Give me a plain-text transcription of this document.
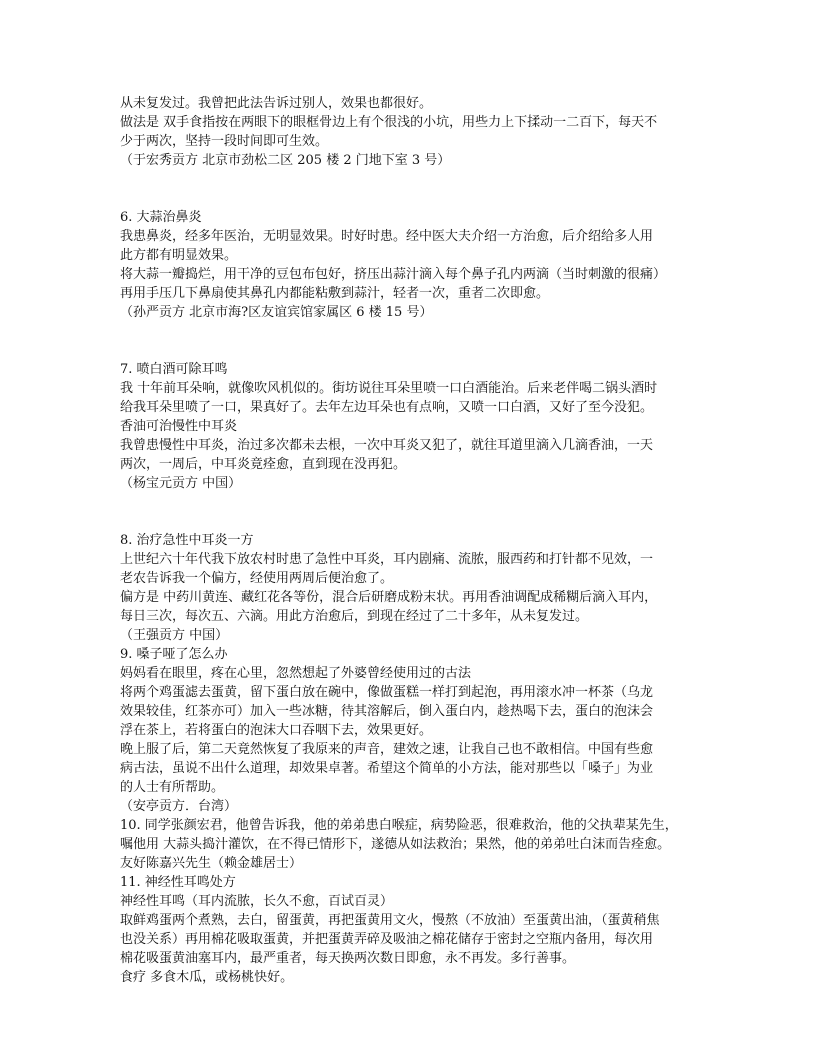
从未复发过。我曾把此法告诉过别人，效果也都很好。
做法是 双手食指按在两眼下的眼框骨边上有个很浅的小坑，用些力上下揉动一二百下，每天不
少于两次，坚持一段时间即可生效。
（于宏秀贡方 北京市劲松二区 205 楼 2 门地下室 3 号）
6. 大蒜治鼻炎
我患鼻炎，经多年医治，无明显效果。时好时患。经中医大夫介绍一方治愈，后介绍给多人用
此方都有明显效果。
将大蒜一瓣捣烂，用干净的豆包布包好，挤压出蒜汁滴入每个鼻子孔内两滴（当时刺激的很痛）
再用手压几下鼻扇使其鼻孔内都能粘敷到蒜汁，轻者一次，重者二次即愈。
（孙严贡方 北京市海?区友谊宾馆家属区 6 楼 15 号）
7. 喷白酒可除耳鸣
我 十年前耳朵响，就像吹风机似的。街坊说往耳朵里喷一口白酒能治。后来老伴喝二锅头酒时
给我耳朵里喷了一口，果真好了。去年左边耳朵也有点响，又喷一口白酒，又好了至今没犯。
香油可治慢性中耳炎
我曾患慢性中耳炎，治过多次都未去根，一次中耳炎又犯了，就往耳道里滴入几滴香油，一天
两次，一周后，中耳炎竟痊愈，直到现在没再犯。
（杨宝元贡方 中国）
8. 治疗急性中耳炎一方
上世纪六十年代我下放农村时患了急性中耳炎，耳内剧痛、流脓，服西药和打针都不见效，一
老农告诉我一个偏方，经使用两周后便治愈了。
偏方是 中药川黄连、藏红花各等份，混合后研磨成粉末状。再用香油调配成稀糊后滴入耳内，
每日三次，每次五、六滴。用此方治愈后，到现在经过了二十多年，从未复发过。
（王强贡方 中国）
9. 嗓子哑了怎么办
妈妈看在眼里，疼在心里，忽然想起了外婆曾经使用过的古法
将两个鸡蛋滤去蛋黄，留下蛋白放在碗中，像做蛋糕一样打到起泡，再用滚水冲一杯茶（乌龙
效果较佳，红茶亦可）加入一些冰糖，待其溶解后，倒入蛋白内，趁热喝下去，蛋白的泡沫会
浮在茶上，若将蛋白的泡沫大口吞咽下去，效果更好。
晚上服了后，第二天竟然恢复了我原来的声音，建效之速，让我自己也不敢相信。中国有些愈
病古法，虽说不出什么道理，却效果卓著。希望这个简单的小方法，能对那些以「嗓子」为业
的人士有所帮助。
（安亭贡方．台湾）
10. 同学张颜宏君，他曾告诉我，他的弟弟患白喉症，病势险恶，很难救治，他的父执辈某先生，
嘱他用 大蒜头捣汁灌饮，在不得已情形下，遂德从如法救治；果然，他的弟弟吐白沫而告痊愈。
友好陈嘉兴先生（赖金雄居士）
11. 神经性耳鸣处方
神经性耳鸣（耳内流脓，长久不愈，百试百灵）
取鲜鸡蛋两个煮熟，去白，留蛋黄，再把蛋黄用文火，慢熬（不放油）至蛋黄出油，（蛋黄稍焦
也没关系）再用棉花吸取蛋黄，并把蛋黄弄碎及吸油之棉花储存于密封之空瓶内备用，每次用
棉花吸蛋黄油塞耳内，最严重者，每天换两次数日即愈，永不再发。多行善事。
食疗 多食木瓜，或杨桃快好。
